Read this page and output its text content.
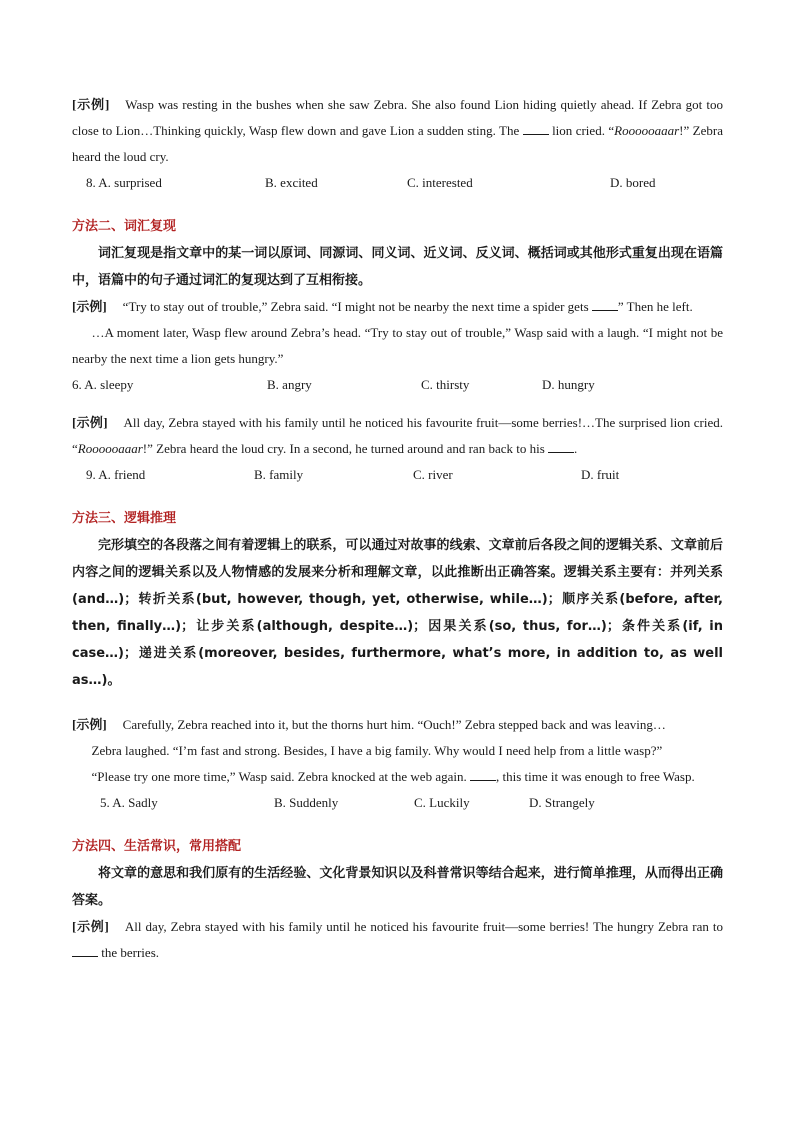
[示例] Wasp was resting in the bushes when she saw Zebra. She also found Lion hiding quietly ahead. If Zebra got too close to Lion…Thinking quickly, Wasp flew down and gave Lion a sudden sting. The  lion cried. “Roooooaaar!” Zebra heard the loud cry.

8. A. surprised	B. excited	C. interested	D. bored

方法二、词汇复现

词汇复现是指文章中的某一词以原词、同源词、同义词、近义词、反义词、概括词或其他形式重复出现在语篇中，语篇中的句子通过词汇的复现达到了互相衔接。

[示例] “Try to stay out of trouble,” Zebra said. “I might not be nearby the next time a spider gets ” Then he left.

…A moment later, Wasp flew around Zebra’s head. “Try to stay out of trouble,” Wasp said with a laugh. “I might not be nearby the next time a lion gets hungry.”

6. A. sleepy	B. angry	C. thirsty	D. hungry

[示例] All day, Zebra stayed with his family until he noticed his favourite fruit—some berries!…The surprised lion cried. “Roooooaaar!” Zebra heard the loud cry. In a second, he turned around and ran back to his .

9. A. friend	B. family	C. river	D. fruit

方法三、逻辑推理

完形填空的各段落之间有着逻辑上的联系，可以通过对故事的线索、文章前后各段之间的逻辑关系、文章前后内容之间的逻辑关系以及人物情感的发展来分析和理解文章，以此推断出正确答案。逻辑关系主要有：并列关系(and…)；转折关系(but, however, though, yet, otherwise, while…)；顺序关系(before, after, then, finally…)；让步关系(although, despite…)；因果关系(so, thus, for…)；条件关系(if, in case…)；递进关系(moreover, besides, furthermore, what’s more, in addition to, as well as…)。

[示例] Carefully, Zebra reached into it, but the thorns hurt him. “Ouch!” Zebra stepped back and was leaving…

Zebra laughed. “I’m fast and strong. Besides, I have a big family. Why would I need help from a little wasp?”

“Please try one more time,” Wasp said. Zebra knocked at the web again. , this time it was enough to free Wasp.

5. A. Sadly	B. Suddenly	C. Luckily	D. Strangely

方法四、生活常识，常用搭配

将文章的意思和我们原有的生活经验、文化背景知识以及科普常识等结合起来，进行简单推理，从而得出正确答案。

[示例] All day, Zebra stayed with his family until he noticed his favourite fruit—some berries! The hungry Zebra ran to  the berries.
